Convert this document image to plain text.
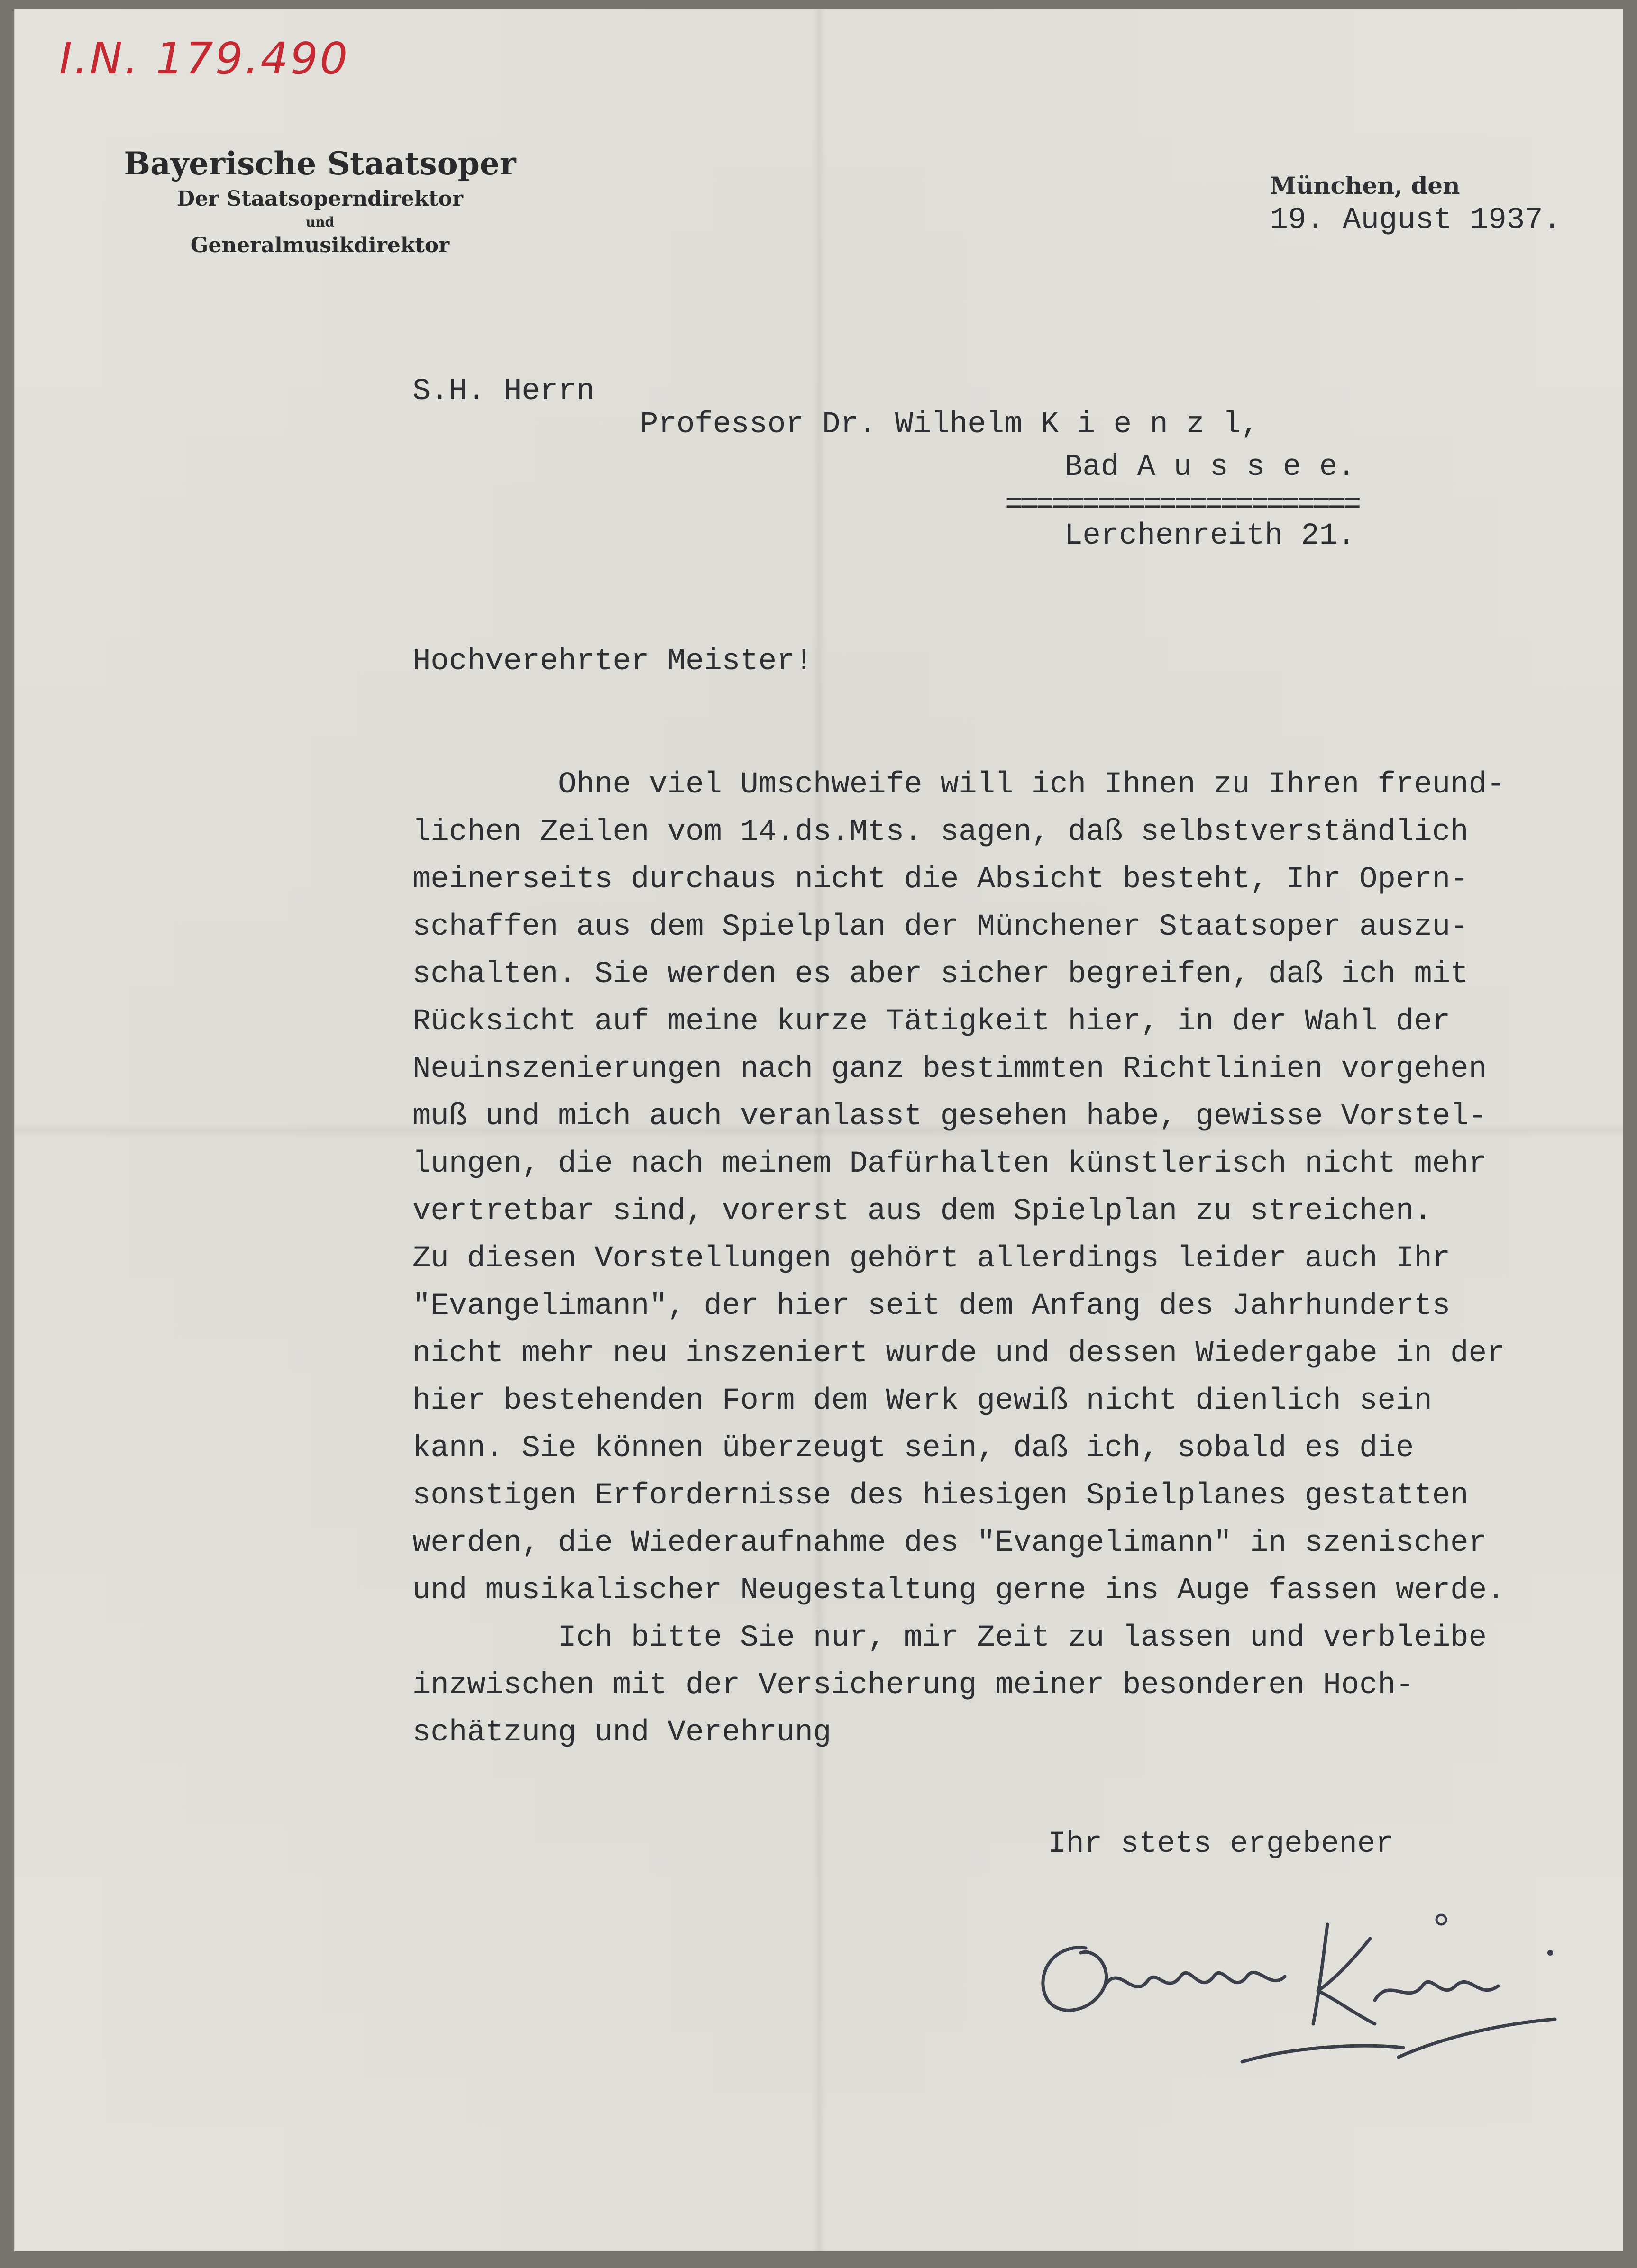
I.N. 179.490
Bayerische Staatsoper
Der Staatsoperndirektor
und
Generalmusikdirektor

München, den
19. August 1937.

S.H. Herrn
Professor Dr. Wilhelm K i e n z l,
Bad A u s s e e.
=======================
Lerchenreith 21.
Hochverehrter Meister!
Ohne viel Umschweife will ich Ihnen zu Ihren freund-
lichen Zeilen vom 14.ds.Mts. sagen, daß selbstverständlich
meinerseits durchaus nicht die Absicht besteht, Ihr Opern-
schaffen aus dem Spielplan der Münchener Staatsoper auszu-
schalten. Sie werden es aber sicher begreifen, daß ich mit
Rücksicht auf meine kurze Tätigkeit hier, in der Wahl der
Neuinszenierungen nach ganz bestimmten Richtlinien vorgehen
muß und mich auch veranlasst gesehen habe, gewisse Vorstel-
lungen, die nach meinem Dafürhalten künstlerisch nicht mehr
vertretbar sind, vorerst aus dem Spielplan zu streichen.
Zu diesen Vorstellungen gehört allerdings leider auch Ihr
"Evangelimann", der hier seit dem Anfang des Jahrhunderts
nicht mehr neu inszeniert wurde und dessen Wiedergabe in der
hier bestehenden Form dem Werk gewiß nicht dienlich sein
kann. Sie können überzeugt sein, daß ich, sobald es die
sonstigen Erfordernisse des hiesigen Spielplanes gestatten
werden, die Wiederaufnahme des "Evangelimann" in szenischer
und musikalischer Neugestaltung gerne ins Auge fassen werde.
Ich bitte Sie nur, mir Zeit zu lassen und verbleibe
inzwischen mit der Versicherung meiner besonderen Hoch-
schätzung und Verehrung
Ihr stets ergebener
